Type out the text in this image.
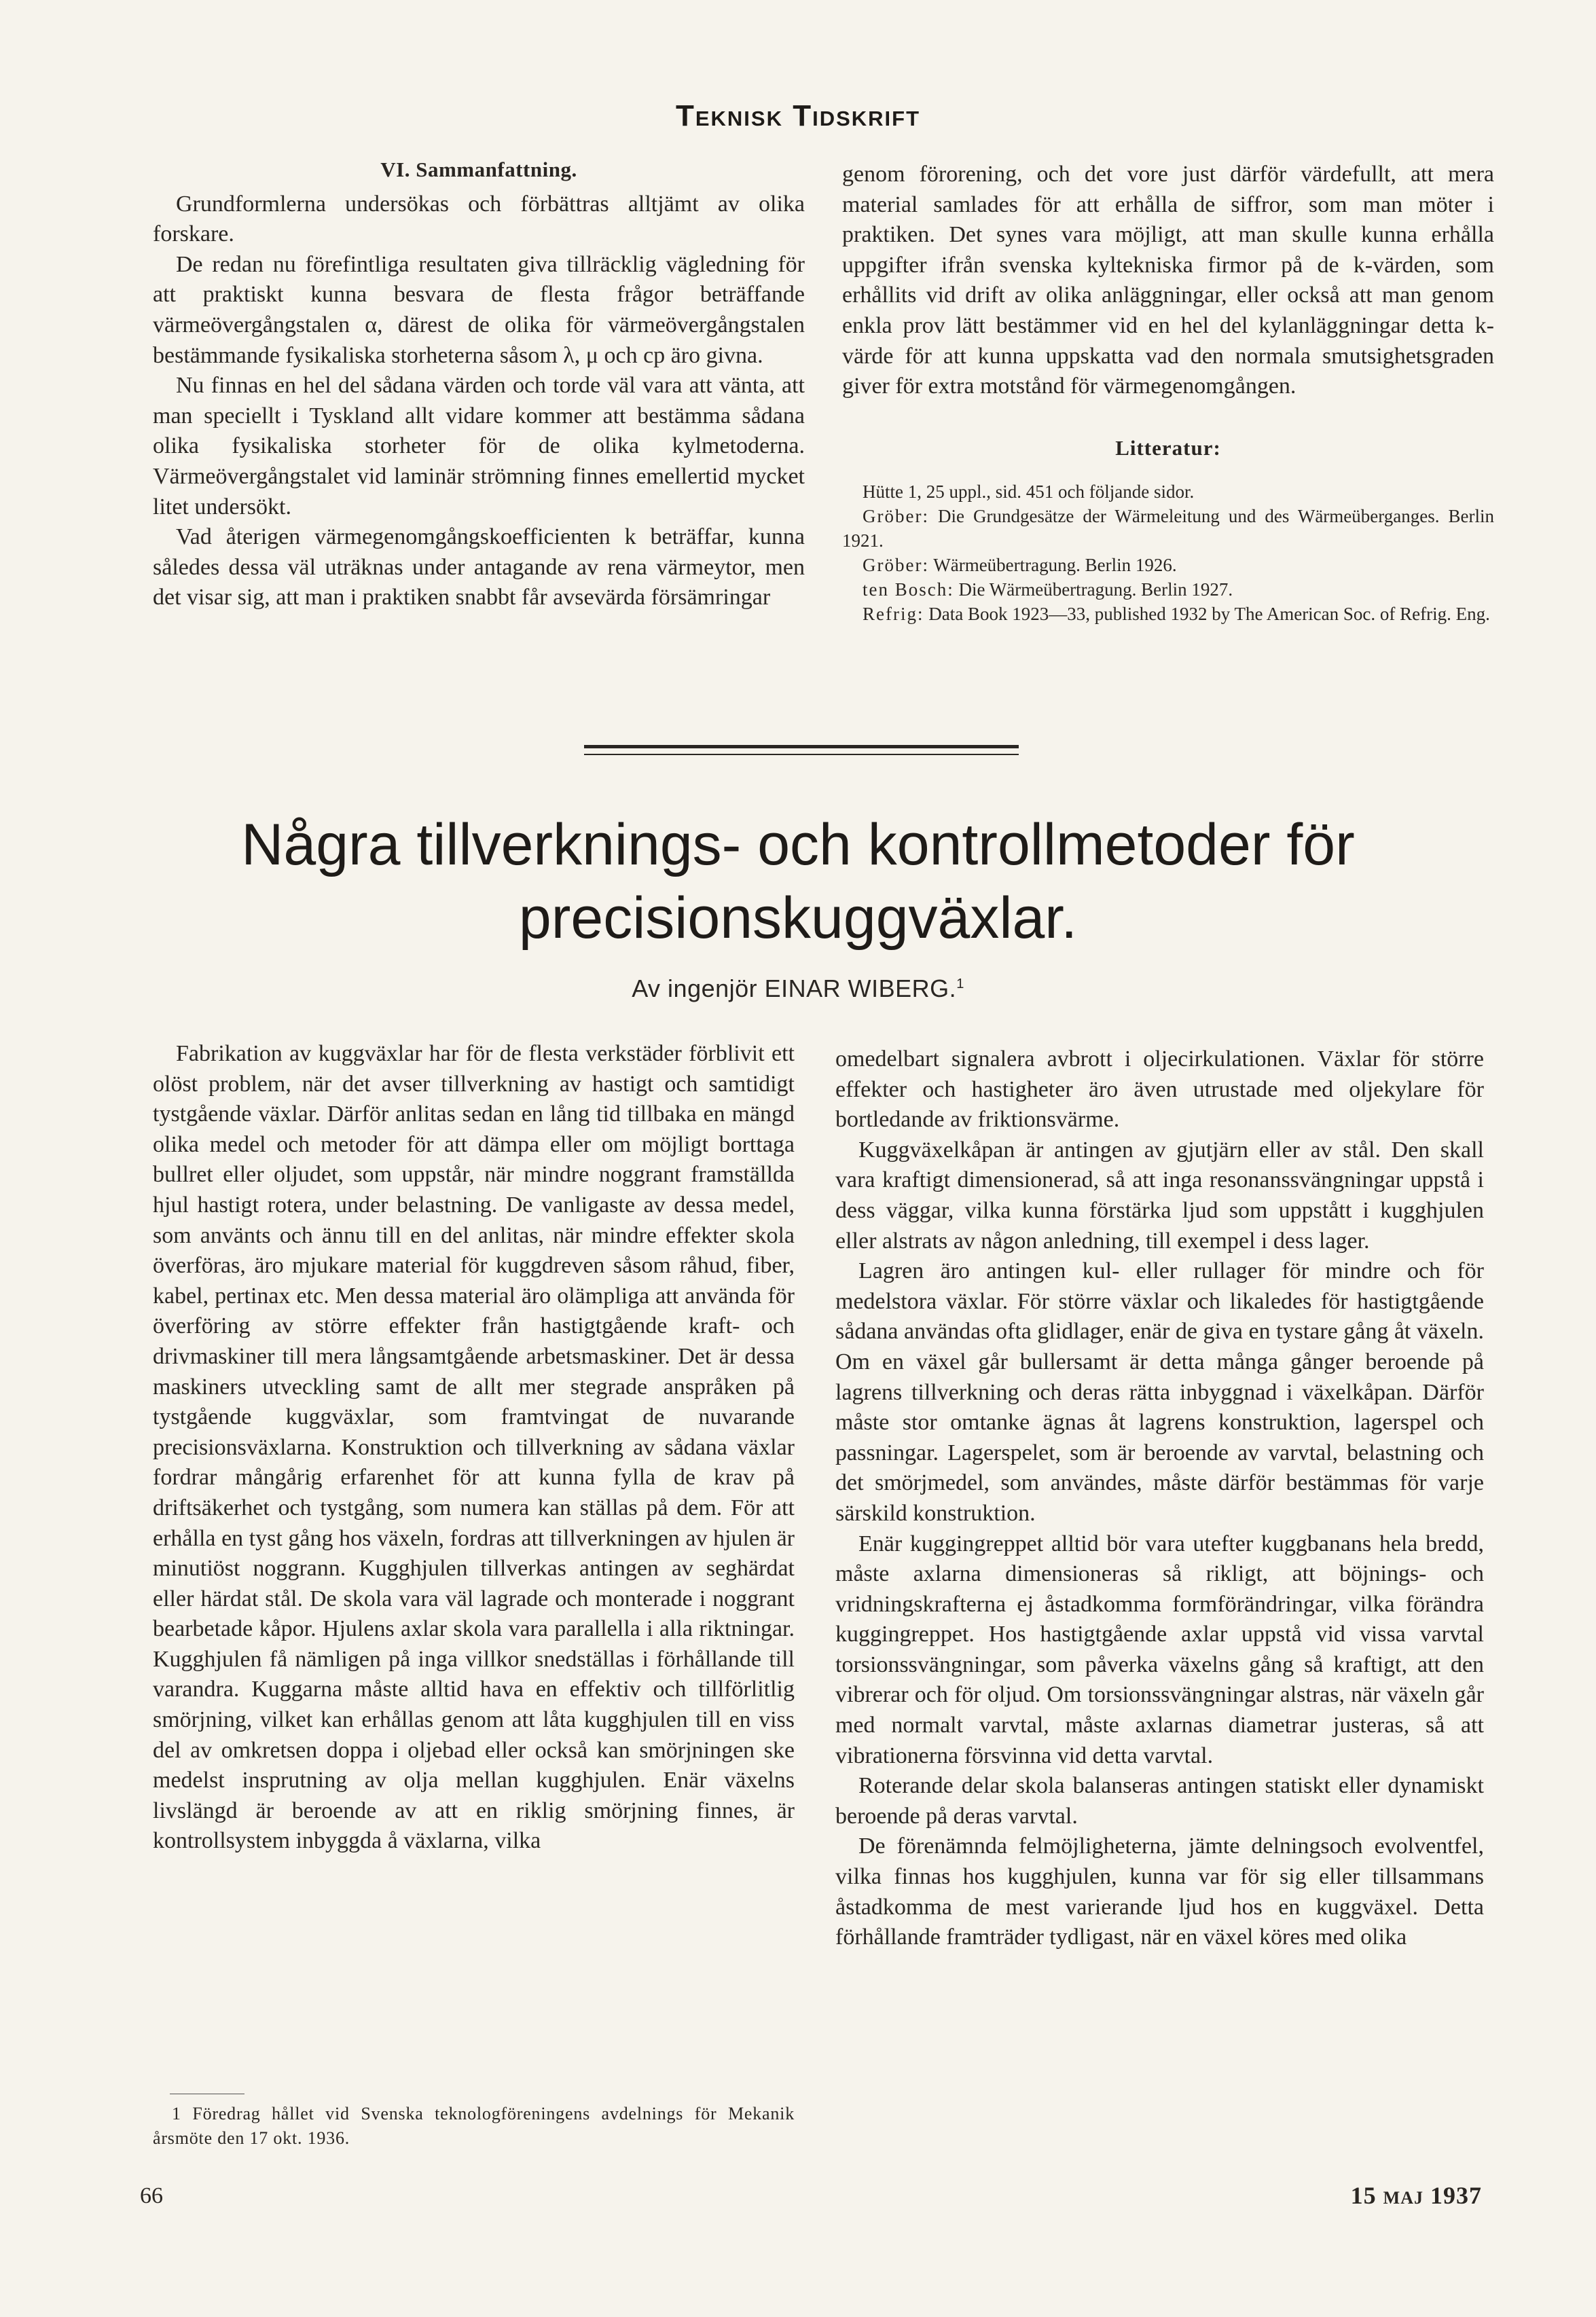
Teknisk Tidskrift
VI. Sammanfattning.

Grundformlerna undersökas och förbättras alltjämt av olika forskare.

De redan nu förefintliga resultaten giva tillräcklig vägledning för att praktiskt kunna besvara de flesta frågor beträffande värmeövergångstalen α, därest de olika för värmeövergångstalen bestämmande fysikaliska storheterna såsom λ, μ och cp äro givna.

Nu finnas en hel del sådana värden och torde väl vara att vänta, att man speciellt i Tyskland allt vidare kommer att bestämma sådana olika fysikaliska storheter för de olika kylmetoderna. Värmeövergångstalet vid laminär strömning finnes emellertid mycket litet undersökt.

Vad återigen värmegenomgångskoefficienten k beträffar, kunna således dessa väl uträknas under antagande av rena värmeytor, men det visar sig, att man i praktiken snabbt får avsevärda försämringar

genom förorening, och det vore just därför värdefullt, att mera material samlades för att erhålla de siffror, som man möter i praktiken. Det synes vara möjligt, att man skulle kunna erhålla uppgifter ifrån svenska kyltekniska firmor på de k-värden, som erhållits vid drift av olika anläggningar, eller också att man genom enkla prov lätt bestämmer vid en hel del kylanläggningar detta k-värde för att kunna uppskatta vad den normala smutsighetsgraden giver för extra motstånd för värmegenomgången.

Litteratur:

Hütte 1, 25 uppl., sid. 451 och följande sidor.

Gröber: Die Grundgesätze der Wärmeleitung und des Wärmeüberganges. Berlin 1921.

Gröber: Wärmeübertragung. Berlin 1926.

ten Bosch: Die Wärmeübertragung. Berlin 1927.

Refrig: Data Book 1923—33, published 1932 by The American Soc. of Refrig. Eng.

Några tillverknings- och kontrollmetoder för
precisionskuggväxlar.
Av ingenjör EINAR WIBERG.$^1$

Fabrikation av kuggväxlar har för de flesta verkstäder förblivit ett olöst problem, när det avser tillverkning av hastigt och samtidigt tystgående växlar. Därför anlitas sedan en lång tid tillbaka en mängd olika medel och metoder för att dämpa eller om möjligt borttaga bullret eller oljudet, som uppstår, när mindre noggrant framställda hjul hastigt rotera, under belastning. De vanligaste av dessa medel, som använts och ännu till en del anlitas, när mindre effekter skola överföras, äro mjukare material för kuggdreven såsom råhud, fiber, kabel, pertinax etc. Men dessa material äro olämpliga att använda för överföring av större effekter från hastigtgående kraft- och drivmaskiner till mera långsamtgående arbetsmaskiner. Det är dessa maskiners utveckling samt de allt mer stegrade anspråken på tystgående kuggväxlar, som framtvingat de nuvarande precisionsväxlarna. Konstruktion och tillverkning av sådana växlar fordrar mångårig erfarenhet för att kunna fylla de krav på driftsäkerhet och tystgång, som numera kan ställas på dem. För att erhålla en tyst gång hos växeln, fordras att tillverkningen av hjulen är minutiöst noggrann. Kugghjulen tillverkas antingen av seghärdat eller härdat stål. De skola vara väl lagrade och monterade i noggrant bearbetade kåpor. Hjulens axlar skola vara parallella i alla riktningar. Kugghjulen få nämligen på inga villkor snedställas i förhållande till varandra. Kuggarna måste alltid hava en effektiv och tillförlitlig smörjning, vilket kan erhållas genom att låta kugghjulen till en viss del av omkretsen doppa i oljebad eller också kan smörjningen ske medelst insprutning av olja mellan kugghjulen. Enär växelns livslängd är beroende av att en riklig smörjning finnes, är kontrollsystem inbyggda å växlarna, vilka

omedelbart signalera avbrott i oljecirkulationen. Växlar för större effekter och hastigheter äro även utrustade med oljekylare för bortledande av friktionsvärme.

Kuggväxelkåpan är antingen av gjutjärn eller av stål. Den skall vara kraftigt dimensionerad, så att inga resonanssvängningar uppstå i dess väggar, vilka kunna förstärka ljud som uppstått i kugghjulen eller alstrats av någon anledning, till exempel i dess lager.

Lagren äro antingen kul- eller rullager för mindre och för medelstora växlar. För större växlar och likaledes för hastigtgående sådana användas ofta glidlager, enär de giva en tystare gång åt växeln. Om en växel går bullersamt är detta många gånger beroende på lagrens tillverkning och deras rätta inbyggnad i växelkåpan. Därför måste stor omtanke ägnas åt lagrens konstruktion, lagerspel och passningar. Lagerspelet, som är beroende av varvtal, belastning och det smörjmedel, som användes, måste därför bestämmas för varje särskild konstruktion.

Enär kuggingreppet alltid bör vara utefter kuggbanans hela bredd, måste axlarna dimensioneras så rikligt, att böjnings- och vridningskrafterna ej åstadkomma formförändringar, vilka förändra kuggingreppet. Hos hastigtgående axlar uppstå vid vissa varvtal torsionssvängningar, som påverka växelns gång så kraftigt, att den vibrerar och för oljud. Om torsionssvängningar alstras, när växeln går med normalt varvtal, måste axlarnas diametrar justeras, så att vibrationerna försvinna vid detta varvtal.

Roterande delar skola balanseras antingen statiskt eller dynamiskt beroende på deras varvtal.

De förenämnda felmöjligheterna, jämte delningsoch evolventfel, vilka finnas hos kugghjulen, kunna var för sig eller tillsammans åstadkomma de mest varierande ljud hos en kuggväxel. Detta förhållande framträder tydligast, när en växel köres med olika

1 Föredrag hållet vid Svenska teknologföreningens avdelnings för Mekanik årsmöte den 17 okt. 1936.

66	15 MAJ 1937
